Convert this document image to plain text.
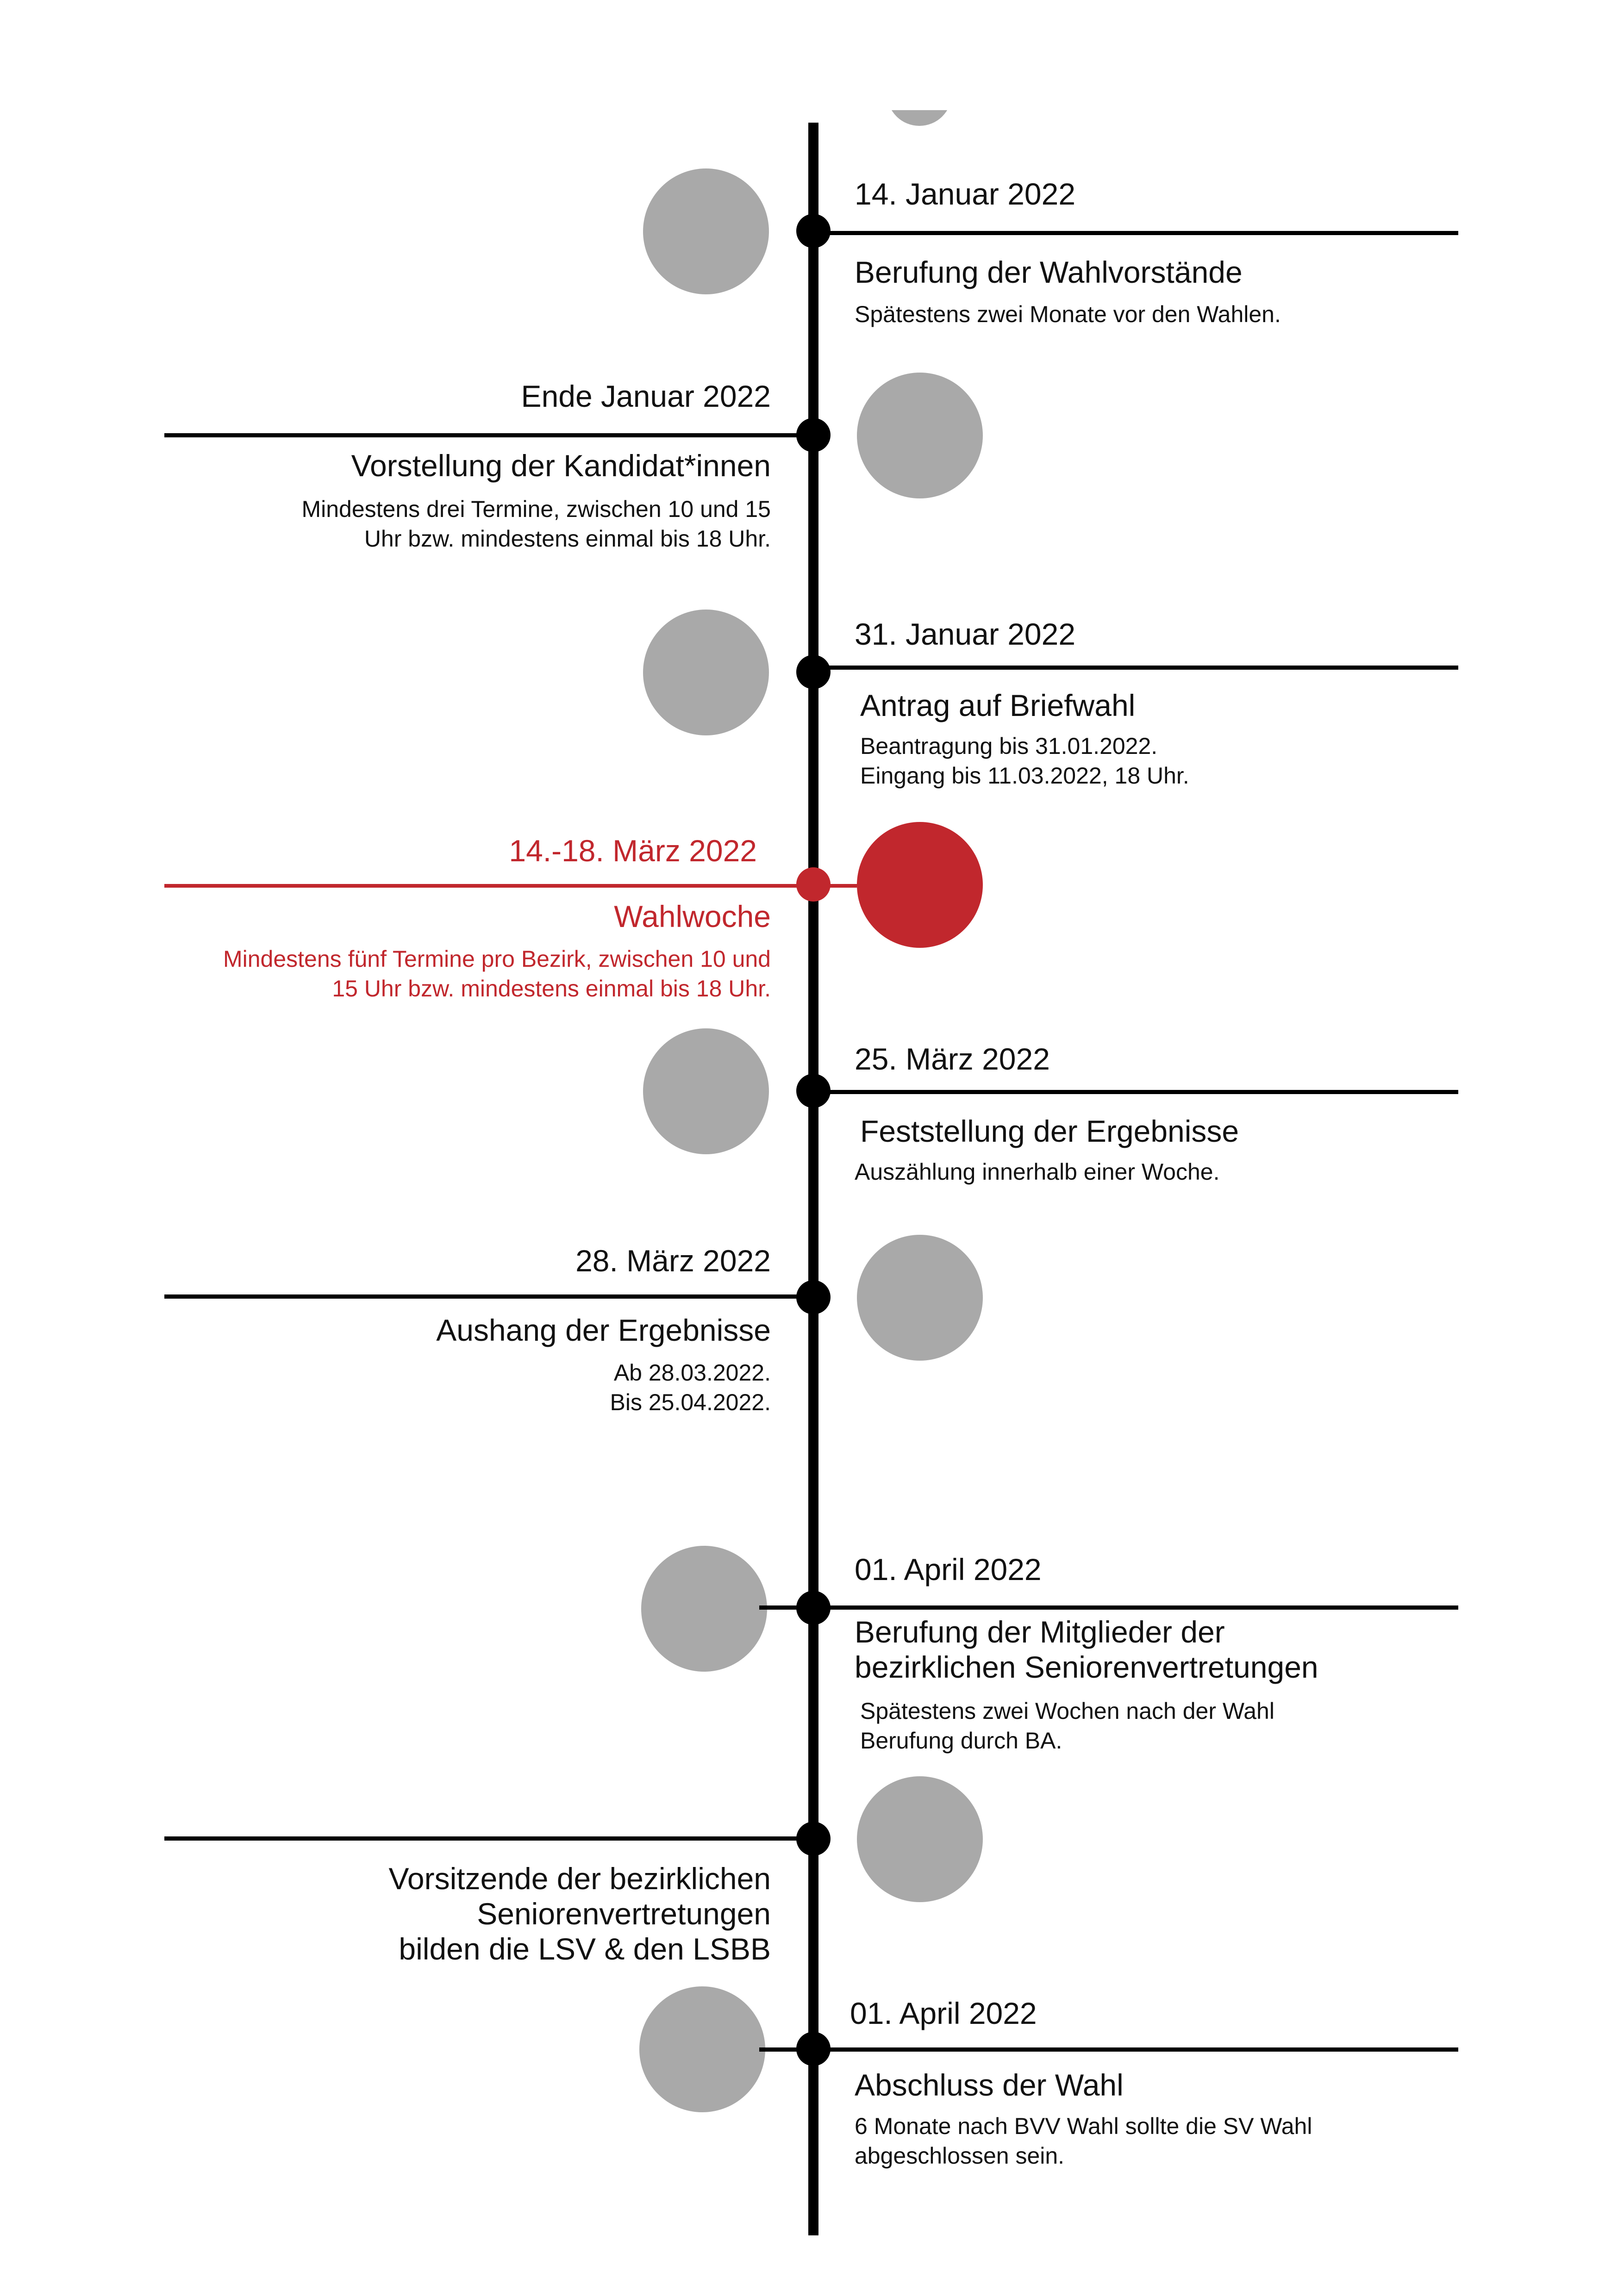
14. Januar 2022
Berufung der Wahlvorstände
Spätestens zwei Monate vor den Wahlen.
Ende Januar 2022
Vorstellung der Kandidat*innen
Mindestens drei Termine, zwischen 10 und 15
Uhr bzw. mindestens einmal bis 18 Uhr.
31. Januar 2022
Antrag auf Briefwahl
Beantragung bis 31.01.2022.
Eingang bis 11.03.2022, 18 Uhr.
14.-18. März 2022
Wahlwoche
Mindestens fünf Termine pro Bezirk, zwischen 10 und
15 Uhr bzw. mindestens einmal bis 18 Uhr.
25. März 2022
Feststellung der Ergebnisse
Auszählung innerhalb einer Woche.
28. März 2022
Aushang der Ergebnisse
Ab 28.03.2022.
Bis 25.04.2022.
01. April 2022
Berufung der Mitglieder der
bezirklichen Seniorenvertretungen
Spätestens zwei Wochen nach der Wahl
Berufung durch BA.
Vorsitzende der bezirklichen
Seniorenvertretungen
bilden die LSV & den LSBB
01. April 2022
Abschluss der Wahl
6 Monate nach BVV Wahl sollte die SV Wahl
abgeschlossen sein.
